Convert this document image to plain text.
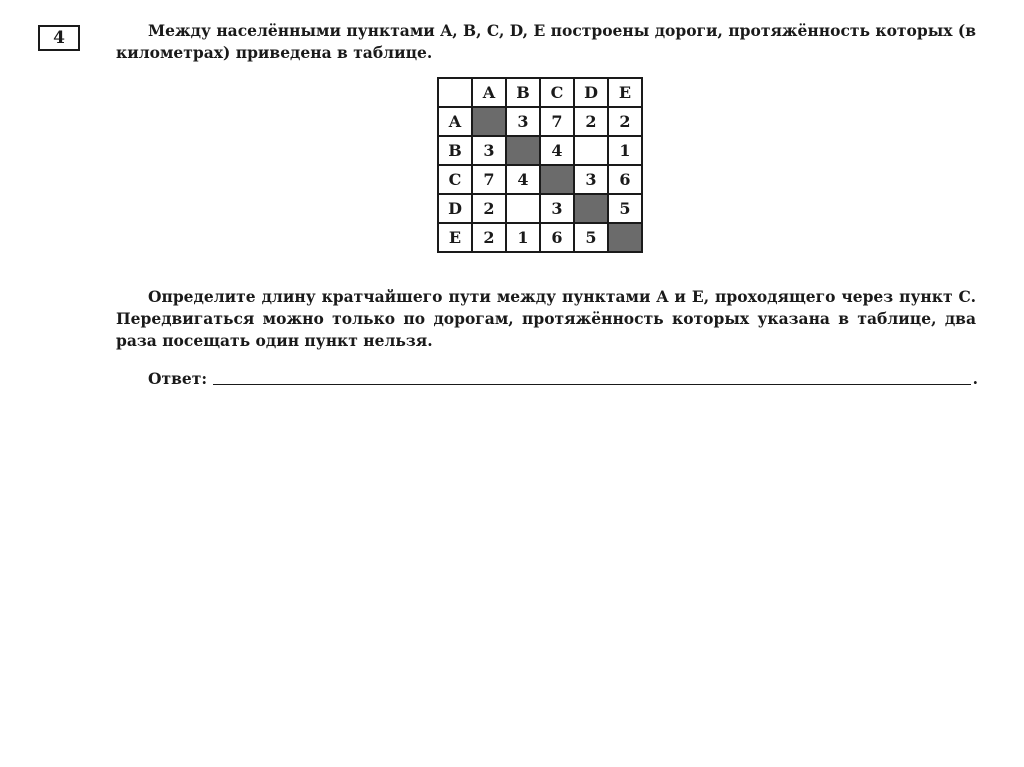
4	Между населёнными пунктами A, B, C, D, E построены дороги, протяжённость которых (в километрах) приведена в таблице.

	A	B	C	D	E
A		3	7	2	2
B	3		4		1
C	7	4		3	6
D	2		3		5
E	2	1	6	5	

Определите длину кратчайшего пути между пунктами A и E, проходящего через пункт C. Передвигаться можно только по дорогам, протяжённость которых указана в таблице, два раза посещать один пункт нельзя.

Ответ:	.
